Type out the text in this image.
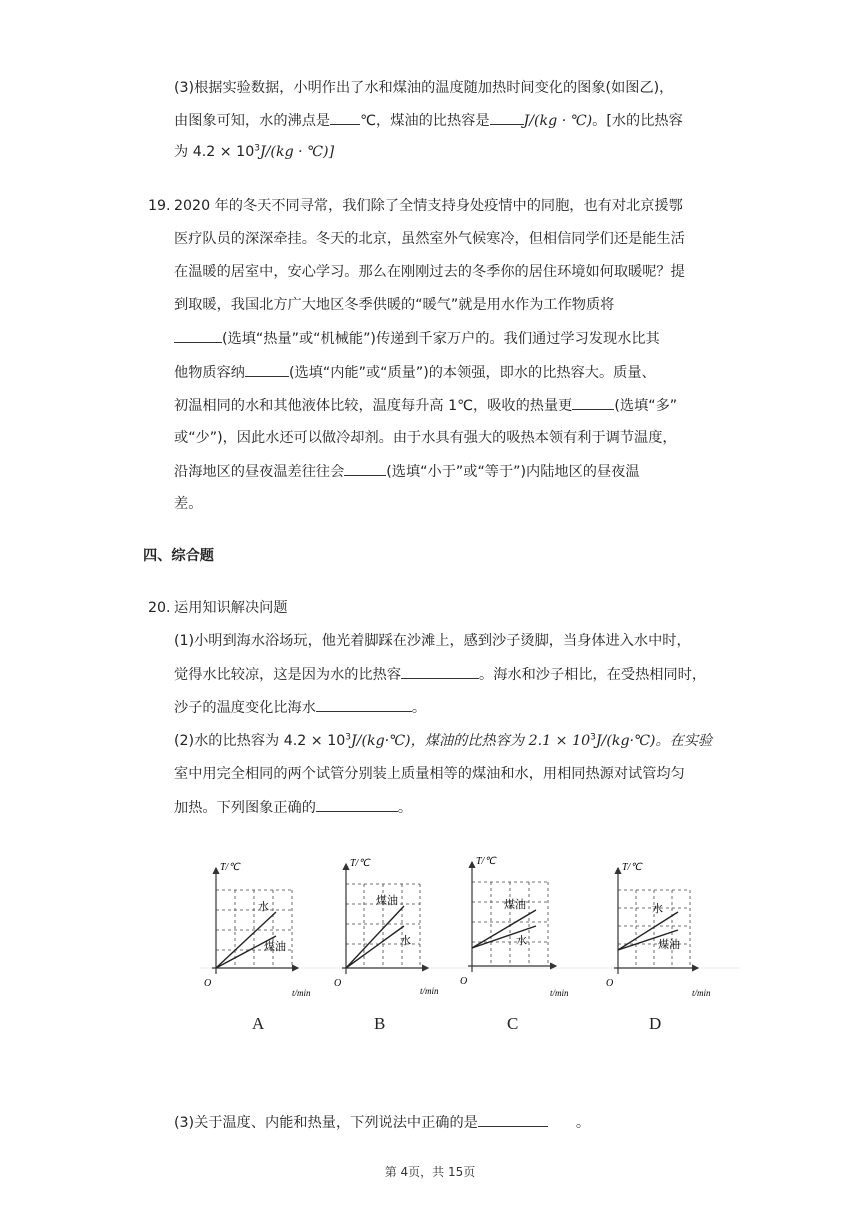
(3)根据实验数据，小明作出了水和煤油的温度随加热时间变化的图象(如图乙)，
由图象可知，水的沸点是 ℃，煤油的比热容是 J/(kg · ℃)。[水的比热容
为 $4.2 \times 10^3J/(kg$ · ℃)]
19. 2020 年的冬天不同寻常，我们除了全情支持身处疫情中的同胞，也有对北京援鄂
医疗队员的深深牵挂。冬天的北京，虽然室外气候寒冷，但相信同学们还是能生活
在温暖的居室中，安心学习。那么在刚刚过去的冬季你的居住环境如何取暖呢？提
到取暖，我国北方广大地区冬季供暖的“暖气”就是用水作为工作物质将
(选填“热量”或“机械能”)传递到千家万户的。我们通过学习发现水比其
他物质容纳	(选填“内能”或“质量”)的本领强，即水的比热容大。质量、
初温相同的水和其他液体比较，温度每升高 1℃，吸收的热量更	(选填“多”
或“少”)，因此水还可以做冷却剂。由于水具有强大的吸热本领有利于调节温度，
沿海地区的昼夜温差往往会	(选填“小于”或“等于”)内陆地区的昼夜温
差。
四、综合题
20. 运用知识解决问题
(1)小明到海水浴场玩，他光着脚踩在沙滩上，感到沙子烫脚，当身体进入水中时，
觉得水比较凉，这是因为水的比热容	。海水和沙子相比，在受热相同时，
沙子的温度变化比海水	。
(2)水的比热容为 $4.2 \times 10^3J/(kg\cdot℃)$，煤油的比热容为 $2.1 \times 10^3J/(kg\cdot℃)$。在实验
室中用完全相同的两个试管分别装上质量相等的煤油和水，用相同热源对试管均匀
加热。下列图象正确的	。
T/℃
O
t/min
水
煤油
T/℃
O
t/min
煤油
水
T/℃
O
t/min
煤油
水
T/℃
O
t/min
水
煤油
A	B	C	D
(3)关于温度、内能和热量，下列说法中正确的是	。
第 4页，共 15页
